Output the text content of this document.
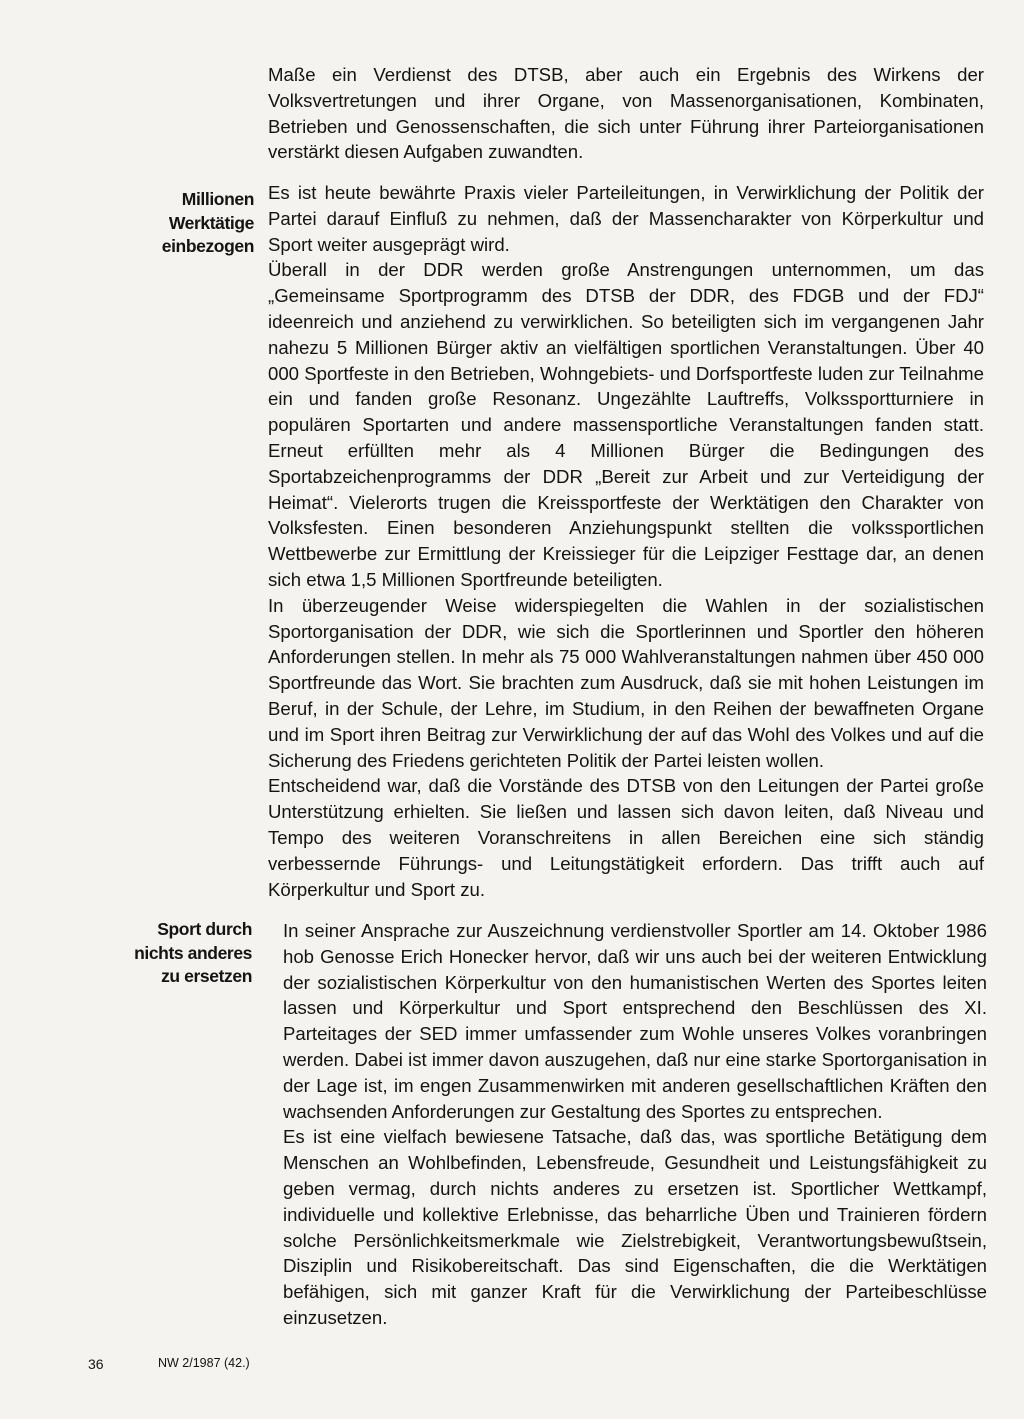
Maße ein Verdienst des DTSB, aber auch ein Ergebnis des Wirkens der Volksvertretungen und ihrer Organe, von Massenorganisationen, Kombinaten, Betrieben und Genossenschaften, die sich unter Führung ihrer Parteiorganisationen verstärkt diesen Aufgaben zuwandten.

Millionen
Werktätige
einbezogen

Es ist heute bewährte Praxis vieler Parteileitungen, in Verwirklichung der Politik der Partei darauf Einfluß zu nehmen, daß der Massencharakter von Körperkultur und Sport weiter ausgeprägt wird.

Überall in der DDR werden große Anstrengungen unternommen, um das „Gemeinsame Sportprogramm des DTSB der DDR, des FDGB und der FDJ“ ideenreich und anziehend zu verwirklichen. So beteiligten sich im vergangenen Jahr nahezu 5 Millionen Bürger aktiv an vielfältigen sportlichen Veranstaltungen. Über 40 000 Sportfeste in den Betrieben, Wohngebiets- und Dorfsportfeste luden zur Teilnahme ein und fanden große Resonanz. Ungezählte Lauftreffs, Volkssportturniere in populären Sportarten und andere massensportliche Veranstaltungen fanden statt. Erneut erfüllten mehr als 4 Millionen Bürger die Bedingungen des Sportabzeichenprogramms der DDR „Bereit zur Arbeit und zur Verteidigung der Heimat“. Vielerorts trugen die Kreissportfeste der Werktätigen den Charakter von Volksfesten. Einen besonderen Anziehungspunkt stellten die volkssportlichen Wettbewerbe zur Ermittlung der Kreissieger für die Leipziger Festtage dar, an denen sich etwa 1,5 Millionen Sportfreunde beteiligten.

In überzeugender Weise widerspiegelten die Wahlen in der sozialistischen Sportorganisation der DDR, wie sich die Sportlerinnen und Sportler den höheren Anforderungen stellen. In mehr als 75 000 Wahlveranstaltungen nahmen über 450 000 Sportfreunde das Wort. Sie brachten zum Ausdruck, daß sie mit hohen Leistungen im Beruf, in der Schule, der Lehre, im Studium, in den Reihen der bewaffneten Organe und im Sport ihren Beitrag zur Verwirklichung der auf das Wohl des Volkes und auf die Sicherung des Friedens gerichteten Politik der Partei leisten wollen.

Entscheidend war, daß die Vorstände des DTSB von den Leitungen der Partei große Unterstützung erhielten. Sie ließen und lassen sich davon leiten, daß Niveau und Tempo des weiteren Voranschreitens in allen Bereichen eine sich ständig verbessernde Führungs- und Leitungstätigkeit erfordern. Das trifft auch auf Körperkultur und Sport zu.

Sport durch
nichts anderes
zu ersetzen

In seiner Ansprache zur Auszeichnung verdienstvoller Sportler am 14. Oktober 1986 hob Genosse Erich Honecker hervor, daß wir uns auch bei der weiteren Entwicklung der sozialistischen Körperkultur von den humanistischen Werten des Sportes leiten lassen und Körperkultur und Sport entsprechend den Beschlüssen des XI. Parteitages der SED immer umfassender zum Wohle unseres Volkes voranbringen werden. Dabei ist immer davon auszugehen, daß nur eine starke Sportorganisation in der Lage ist, im engen Zusammenwirken mit anderen gesellschaftlichen Kräften den wachsenden Anforderungen zur Gestaltung des Sportes zu entsprechen.

Es ist eine vielfach bewiesene Tatsache, daß das, was sportliche Betätigung dem Menschen an Wohlbefinden, Lebensfreude, Gesundheit und Leistungsfähigkeit zu geben vermag, durch nichts anderes zu ersetzen ist. Sportlicher Wettkampf, individuelle und kollektive Erlebnisse, das beharrliche Üben und Trainieren fördern solche Persönlichkeitsmerkmale wie Zielstrebigkeit, Verantwortungsbewußtsein, Disziplin und Risikobereitschaft. Das sind Eigenschaften, die die Werktätigen befähigen, sich mit ganzer Kraft für die Verwirklichung der Parteibeschlüsse einzusetzen.

36	NW 2/1987 (42.)
